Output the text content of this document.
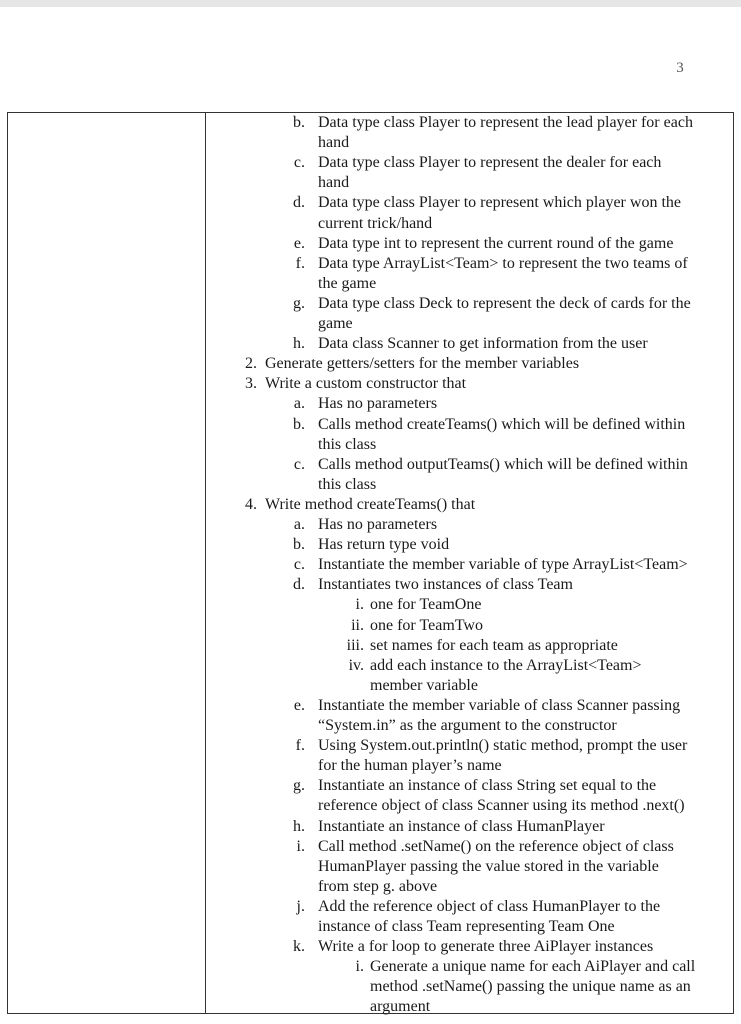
3
b. Data type class Player to represent the lead player for each
hand
c. Data type class Player to represent the dealer for each
hand
d. Data type class Player to represent which player won the
current trick/hand
e. Data type int to represent the current round of the game
f. Data type ArrayList<Team> to represent the two teams of
the game
g. Data type class Deck to represent the deck of cards for the
game
h. Data class Scanner to get information from the user
2. Generate getters/setters for the member variables
3. Write a custom constructor that
a. Has no parameters
b. Calls method createTeams() which will be defined within
this class
c. Calls method outputTeams() which will be defined within
this class
4. Write method createTeams() that
a. Has no parameters
b. Has return type void
c. Instantiate the member variable of type ArrayList<Team>
d. Instantiates two instances of class Team
i. one for TeamOne
ii. one for TeamTwo
iii. set names for each team as appropriate
iv. add each instance to the ArrayList<Team>
member variable
e. Instantiate the member variable of class Scanner passing
“System.in” as the argument to the constructor
f. Using System.out.println() static method, prompt the user
for the human player’s name
g. Instantiate an instance of class String set equal to the
reference object of class Scanner using its method .next()
h. Instantiate an instance of class HumanPlayer
i. Call method .setName() on the reference object of class
HumanPlayer passing the value stored in the variable
from step g. above
j. Add the reference object of class HumanPlayer to the
instance of class Team representing Team One
k. Write a for loop to generate three AiPlayer instances
i. Generate a unique name for each AiPlayer and call
method .setName() passing the unique name as an
argument
